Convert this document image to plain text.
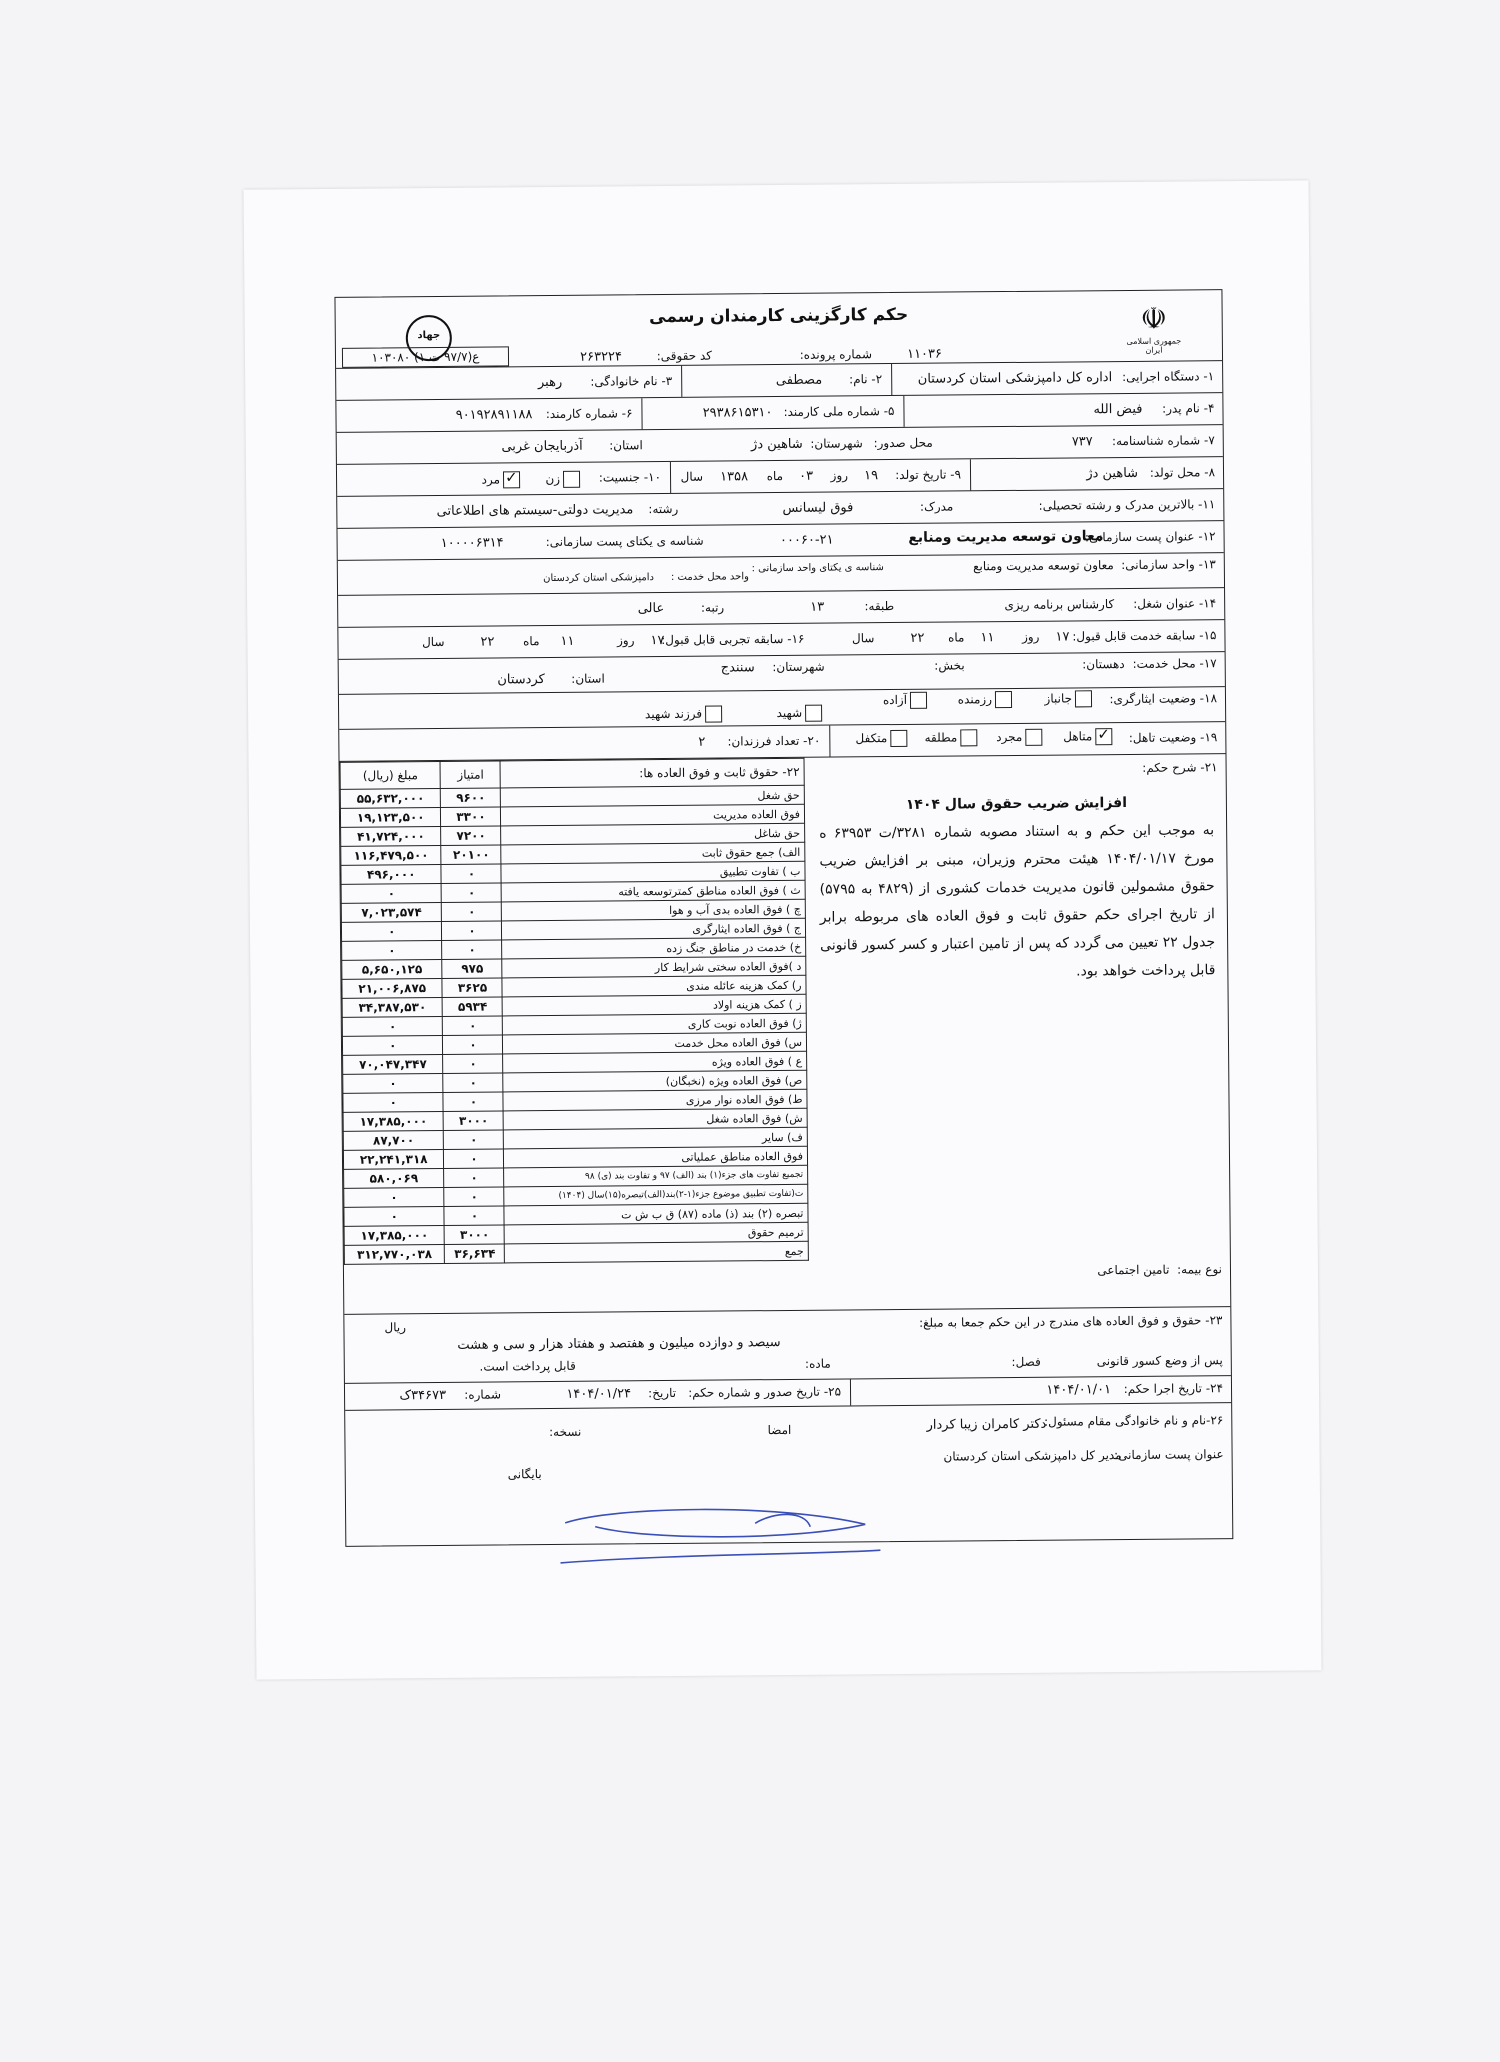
☫
جمهوری اسلامی ایران
حکم کارگزینی کارمندان رسمی
جهاد
شماره پرونده:	۱۱۰۳۶
کد حقوقی:
۲۶۳۲۲۴
ع(۹۷/۷ ت ۱) ۱۰۳۰۸۰
۱- دستگاه اجرایی:
اداره کل دامپزشکی استان کردستان
۲- نام:
مصطفی
۳- نام خانوادگی:
رهبر
۴- نام پدر:
فیض الله
۵- شماره ملی کارمند:
۲۹۳۸۶۱۵۳۱۰
۶- شماره کارمند:
۹۰۱۹۲۸۹۱۱۸۸
۷- شماره شناسنامه:
۷۳۷
محل صدور:
شهرستان:
شاهین دژ
استان:
آذربایجان غربی
۸- محل تولد:
شاهین دژ
۹- تاریخ تولد:
۱۹
روز
۰۳
ماه
۱۳۵۸
سال
۱۰- جنسیت:
زن
✓مرد
۱۱- بالاترین مدرک و رشته تحصیلی:
مدرک:
فوق لیسانس
رشته:
مدیریت دولتی-سیستم های اطلاعاتی
۱۲- عنوان پست سازمانی:
معاون توسعه مدیریت ومنابع
۰۰۰۶۰-۲۱
شناسه ی یکتای پست سازمانی:
۱۰۰۰۰۶۳۱۴
۱۳- واحد سازمانی:
معاون توسعه مدیریت ومنابع
شناسه ی یکتای واحد سازمانی :
واحد محل خدمت :
دامپزشکی استان کردستان
۱۴- عنوان شغل:
کارشناس برنامه ریزی
طبقه:
۱۳
رتبه:
عالی
۱۵- سابقه خدمت قابل قبول:
۱۷
روز
۱۱
ماه
۲۲
سال
۱۶- سابقه تجربی قابل قبول:
۱۷
روز
۱۱
ماه
۲۲
سال
۱۷- محل خدمت:
دهستان:
بخش:
شهرستان:
سنندج
استان:
کردستان
۱۸- وضعیت ایثارگری:
جانباز
رزمنده
آزاده
شهید
فرزند شهید
۱۹- وضعیت تاهل:
✓متاهل
مجرد
مطلقه
متکفل
۲۰- تعداد فرزندان:
۲
۲۱- شرح حکم:
افزایش ضریب حقوق سال ۱۴۰۴
به موجب این حکم و به استناد مصوبه شماره ۳۲۸۱/ت ۶۳۹۵۳ ه مورخ ۱۴۰۴/۰۱/۱۷ هیئت محترم وزیران، مبنی بر افزایش ضریب حقوق مشمولین قانون مدیریت خدمات کشوری از (۴۸۲۹ به ۵۷۹۵) از تاریخ اجرای حکم حقوق ثابت و فوق العاده های مربوطه برابر جدول ۲۲ تعیین می گردد که پس از تامین اعتبار و کسر کسور قانونی قابل پرداخت خواهد بود.
نوع بیمه:  تامین اجتماعی
۲۲- حقوق ثابت و فوق العاده ها:	امتیاز	مبلغ (ریال)
حق شغل	۹۶۰۰	۵۵,۶۳۲,۰۰۰
فوق العاده مدیریت	۳۳۰۰	۱۹,۱۲۳,۵۰۰
حق شاغل	۷۲۰۰	۴۱,۷۲۴,۰۰۰
الف) جمع حقوق ثابت	۲۰۱۰۰	۱۱۶,۴۷۹,۵۰۰
ب ) تفاوت تطبیق	۰	۴۹۶,۰۰۰
ث ) فوق العاده مناطق کمترتوسعه یافته	۰	۰
چ ) فوق العاده بدی آب و هوا	۰	۷,۰۲۳,۵۷۴
ج ) فوق العاده ایثارگری	۰	۰
خ) خدمت در مناطق جنگ زده	۰	۰
د )فوق العاده سختی شرایط کار	۹۷۵	۵,۶۵۰,۱۲۵
ر) کمک هزینه عائله مندی	۳۶۲۵	۲۱,۰۰۶,۸۷۵
ز ) کمک هزینه اولاد	۵۹۳۴	۳۴,۳۸۷,۵۳۰
ژ) فوق العاده نوبت کاری	۰	۰
س) فوق العاده محل خدمت	۰	۰
ع ) فوق العاده ویژه	۰	۷۰,۰۴۷,۳۴۷
ص) فوق العاده ویژه (نخبگان)	۰	۰
ط) فوق العاده نوار مرزی	۰	۰
ش) فوق العاده شغل	۳۰۰۰	۱۷,۳۸۵,۰۰۰
ف) سایر	۰	۸۷,۷۰۰
فوق العاده مناطق عملیاتی	۰	۲۲,۲۴۱,۳۱۸
تجمیع تفاوت های جزء(۱) بند (الف) ۹۷ و تفاوت بند (ی) ۹۸	۰	۵۸۰,۰۶۹
ت(تفاوت تطبیق موضوع جزء(۱-۲)بند(الف)تبصره(۱۵)سال (۱۴۰۴)	۰	۰
تبصره (۲) بند (ذ) ماده (۸۷) ق ب ش ت	۰	۰
ترمیم حقوق	۳۰۰۰	۱۷,۳۸۵,۰۰۰
جمع	۳۶,۶۳۴	۳۱۲,۷۷۰,۰۳۸
۲۳- حقوق و فوق العاده های مندرج در این حکم جمعا به مبلغ:
ریال
سیصد و دوازده میلیون و هفتصد و هفتاد هزار و سی و هشت
پس از وضع کسور قانونی
فصل:
ماده:
قابل پرداخت است.
۲۴- تاریخ اجرا حکم:
۱۴۰۴/۰۱/۰۱
۲۵- تاریخ صدور و شماره حکم:
تاریخ:
۱۴۰۴/۰۱/۲۴
شماره:
۳۴۶۷۳ک
۲۶-نام و نام خانوادگی مقام مسئول:
دکتر کامران زیبا کردار
امضا
نسخه:
عنوان پست سازمانی:
مدیر کل دامپزشکی استان کردستان
بایگانی
